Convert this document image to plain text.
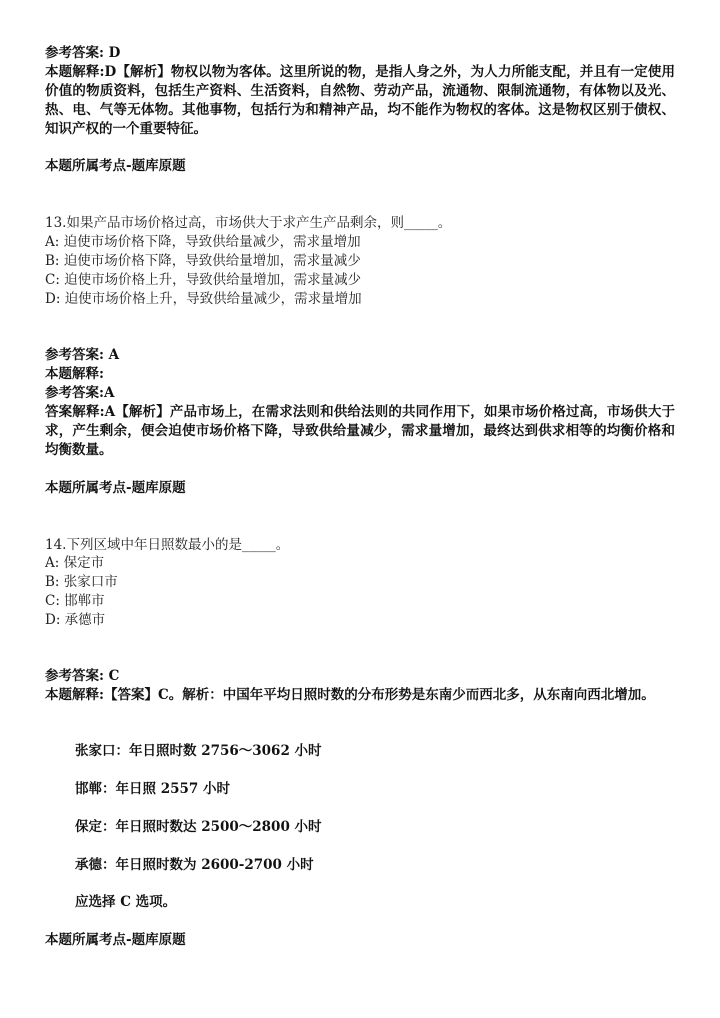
参考答案: D
本题解释:D【解析】物权以物为客体。这里所说的物，是指人身之外，为人力所能支配，并且有一定使用价值的物质资料，包括生产资料、生活资料，自然物、劳动产品，流通物、限制流通物，有体物以及光、热、电、气等无体物。其他事物，包括行为和精神产品，均不能作为物权的客体。这是物权区别于债权、知识产权的一个重要特征。
本题所属考点-题库原题
13.如果产品市场价格过高，市场供大于求产生产品剩余，则_____。
A: 迫使市场价格下降，导致供给量减少，需求量增加
B: 迫使市场价格下降，导致供给量增加，需求量减少
C: 迫使市场价格上升，导致供给量增加，需求量减少
D: 迫使市场价格上升，导致供给量减少，需求量增加
参考答案: A
本题解释:
参考答案:A
答案解释:A【解析】产品市场上，在需求法则和供给法则的共同作用下，如果市场价格过高，市场供大于求，产生剩余，便会迫使市场价格下降，导致供给量减少，需求量增加，最终达到供求相等的均衡价格和均衡数量。
本题所属考点-题库原题
14.下列区域中年日照数最小的是_____。
A: 保定市
B: 张家口市
C: 邯郸市
D: 承德市
参考答案: C
本题解释:【答案】C。解析：中国年平均日照时数的分布形势是东南少而西北多，从东南向西北增加。
张家口：年日照时数 2756～3062 小时
邯郸：年日照 2557 小时
保定：年日照时数达 2500～2800 小时
承德：年日照时数为 2600-2700 小时
应选择 C 选项。
本题所属考点-题库原题
